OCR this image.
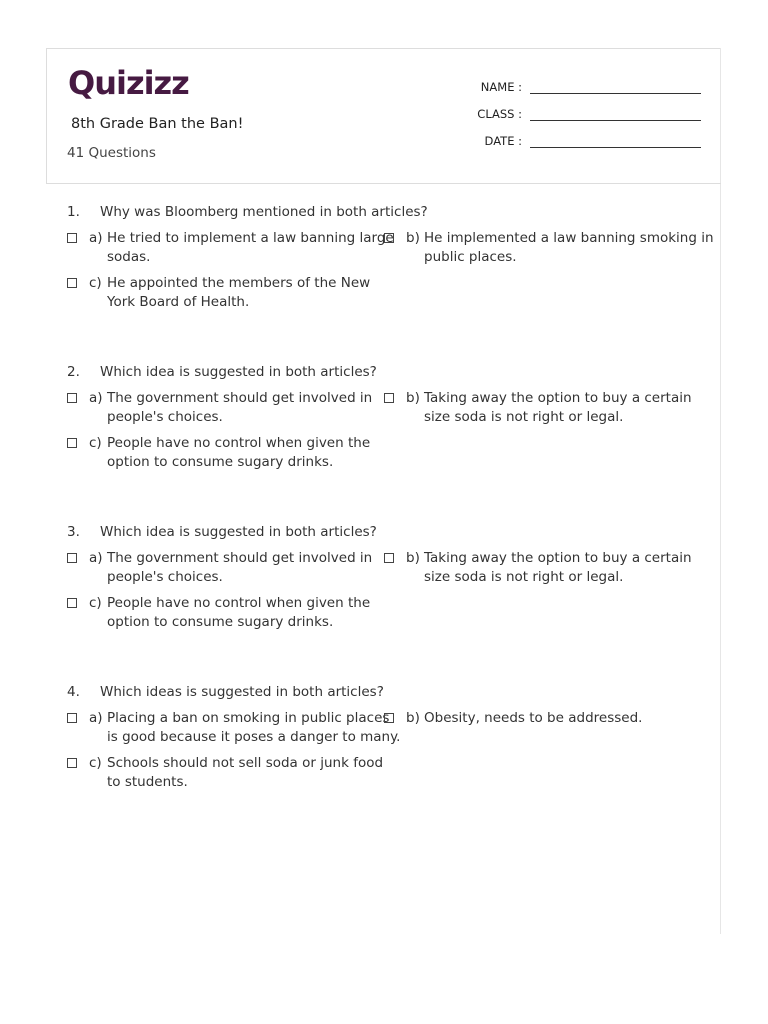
Quizizz
8th Grade Ban the Ban!
41 Questions
NAME :
CLASS :
DATE :
1. Why was Bloomberg mentioned in both articles?
a) He tried to implement a law banning large
sodas.
b) He implemented a law banning smoking in
public places.
c) He appointed the members of the New
York Board of Health.
2. Which idea is suggested in both articles?
a) The government should get involved in
people's choices.
b) Taking away the option to buy a certain
size soda is not right or legal.
c) People have no control when given the
option to consume sugary drinks.
3. Which idea is suggested in both articles?
a) The government should get involved in
people's choices.
b) Taking away the option to buy a certain
size soda is not right or legal.
c) People have no control when given the
option to consume sugary drinks.
4. Which ideas is suggested in both articles?
a) Placing a ban on smoking in public places
is good because it poses a danger to many.
b) Obesity, needs to be addressed.
c) Schools should not sell soda or junk food
to students.
